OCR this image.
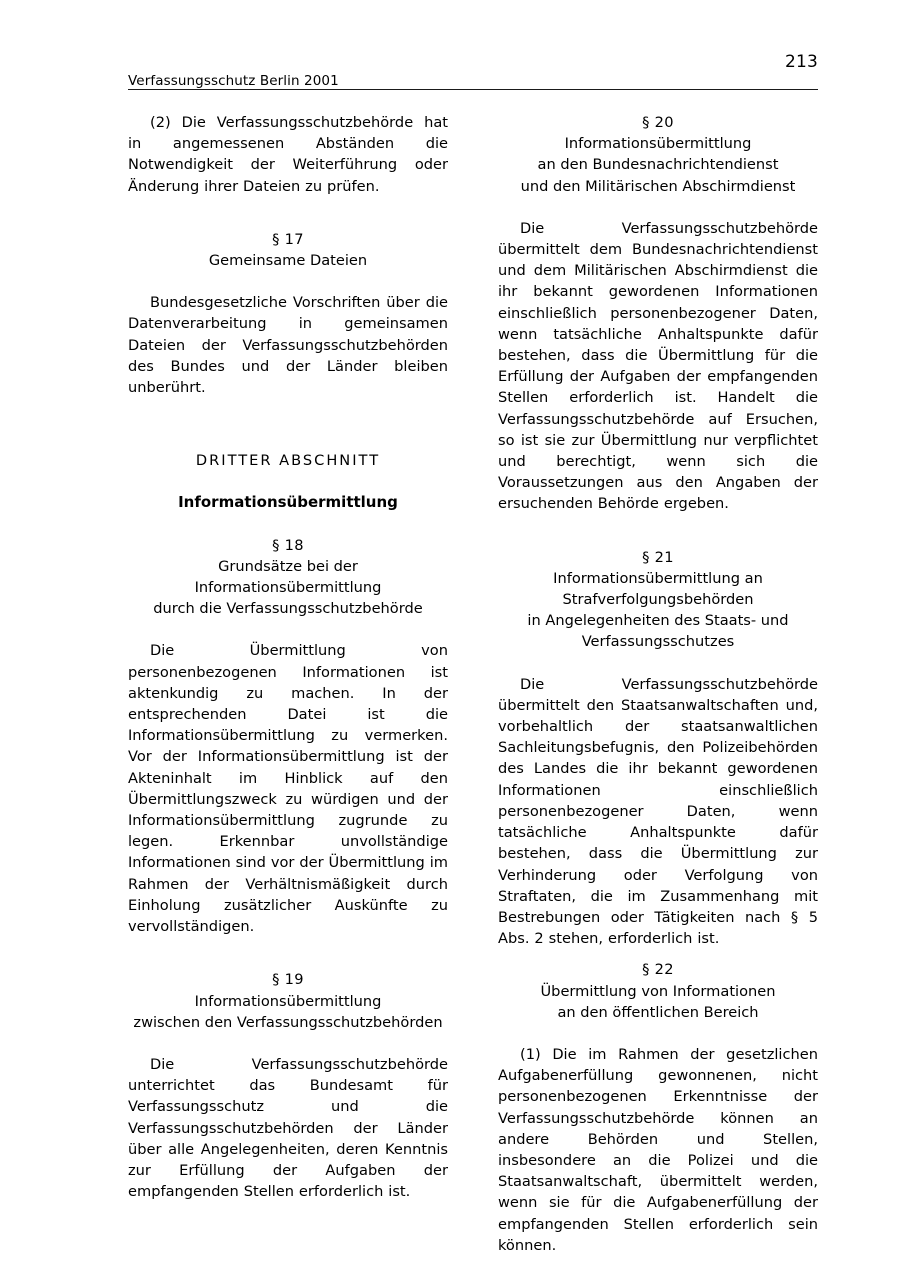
213
Verfassungsschutz Berlin 2001

(2) Die Verfassungsschutzbehörde hat in angemessenen Abständen die Notwendigkeit der Weiterführung oder Änderung ihrer Dateien zu prüfen.

§ 17
Gemeinsame Dateien

Bundesgesetzliche Vorschriften über die Datenverarbeitung in gemeinsamen Dateien der Verfassungsschutzbehörden des Bundes und der Länder bleiben unberührt.

DRITTER ABSCHNITT

Informationsübermittlung

§ 18
Grundsätze bei der
Informationsübermittlung
durch die Verfassungsschutzbehörde

Die Übermittlung von personenbezogenen Informationen ist aktenkundig zu machen. In der entsprechenden Datei ist die Informationsübermittlung zu vermerken. Vor der Informationsübermittlung ist der Akteninhalt im Hinblick auf den Übermittlungszweck zu würdigen und der Informationsübermittlung zugrunde zu legen. Erkennbar unvollständige Informationen sind vor der Übermittlung im Rahmen der Verhältnismäßigkeit durch Einholung zusätzlicher Auskünfte zu vervollständigen.

§ 19
Informationsübermittlung
zwischen den Verfassungsschutzbehörden

Die Verfassungsschutzbehörde unterrichtet das Bundesamt für Verfassungsschutz und die Verfassungsschutzbehörden der Länder über alle Angelegenheiten, deren Kenntnis zur Erfüllung der Aufgaben der empfangenden Stellen erforderlich ist.

§ 20
Informationsübermittlung
an den Bundesnachrichtendienst
und den Militärischen Abschirmdienst

Die Verfassungsschutzbehörde übermittelt dem Bundesnachrichtendienst und dem Militärischen Abschirmdienst die ihr bekannt gewordenen Informationen einschließlich personenbezogener Daten, wenn tatsächliche Anhaltspunkte dafür bestehen, dass die Übermittlung für die Erfüllung der Aufgaben der empfangenden Stellen erforderlich ist. Handelt die Verfassungsschutzbehörde auf Ersuchen, so ist sie zur Übermittlung nur verpflichtet und berechtigt, wenn sich die Voraussetzungen aus den Angaben der ersuchenden Behörde ergeben.

§ 21
Informationsübermittlung an
Strafverfolgungsbehörden
in Angelegenheiten des Staats- und
Verfassungsschutzes

Die Verfassungsschutzbehörde übermittelt den Staatsanwaltschaften und, vorbehaltlich der staatsanwaltlichen Sachleitungsbefugnis, den Polizeibehörden des Landes die ihr bekannt gewordenen Informationen einschließlich personenbezogener Daten, wenn tatsächliche Anhaltspunkte dafür bestehen, dass die Übermittlung zur Verhinderung oder Verfolgung von Straftaten, die im Zusammenhang mit Bestrebungen oder Tätigkeiten nach § 5 Abs. 2 stehen, erforderlich ist.

§ 22
Übermittlung von Informationen
an den öffentlichen Bereich

(1) Die im Rahmen der gesetzlichen Aufgabenerfüllung gewonnenen, nicht personenbezogenen Erkenntnisse der Verfassungsschutzbehörde können an andere Behörden und Stellen, insbesondere an die Polizei und die Staatsanwaltschaft, übermittelt werden, wenn sie für die Aufgabenerfüllung der empfangenden Stellen erforderlich sein können.
